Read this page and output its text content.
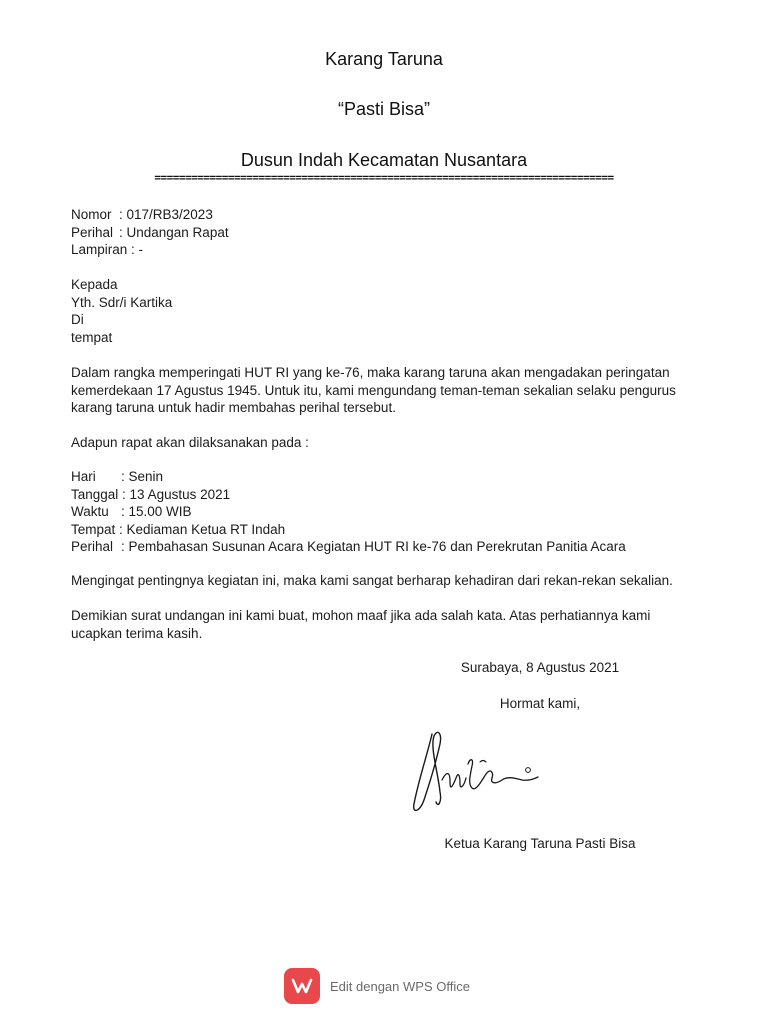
Karang Taruna
“Pasti Bisa”
Dusun Indah Kecamatan Nusantara
===========================================================================
Nomor : 017/RB3/2023
Perihal : Undangan Rapat
Lampiran : -
Kepada
Yth. Sdr/i Kartika
Di
tempat
Dalam rangka memperingati HUT RI yang ke-76, maka karang taruna akan mengadakan peringatan kemerdekaan 17 Agustus 1945. Untuk itu, kami mengundang teman-teman sekalian selaku pengurus karang taruna untuk hadir membahas perihal tersebut.
Adapun rapat akan dilaksanakan pada :
Hari	: Senin
Tanggal : 13 Agustus 2021
Waktu : 15.00 WIB
Tempat : Kediaman Ketua RT Indah
Perihal : Pembahasan Susunan Acara Kegiatan HUT RI ke-76 dan Perekrutan Panitia Acara
Mengingat pentingnya kegiatan ini, maka kami sangat berharap kehadiran dari rekan-rekan sekalian.
Demikian surat undangan ini kami buat, mohon maaf jika ada salah kata. Atas perhatiannya kami ucapkan terima kasih.
Surabaya, 8 Agustus 2021
Hormat kami,
Ketua Karang Taruna Pasti Bisa
Edit dengan WPS Office
